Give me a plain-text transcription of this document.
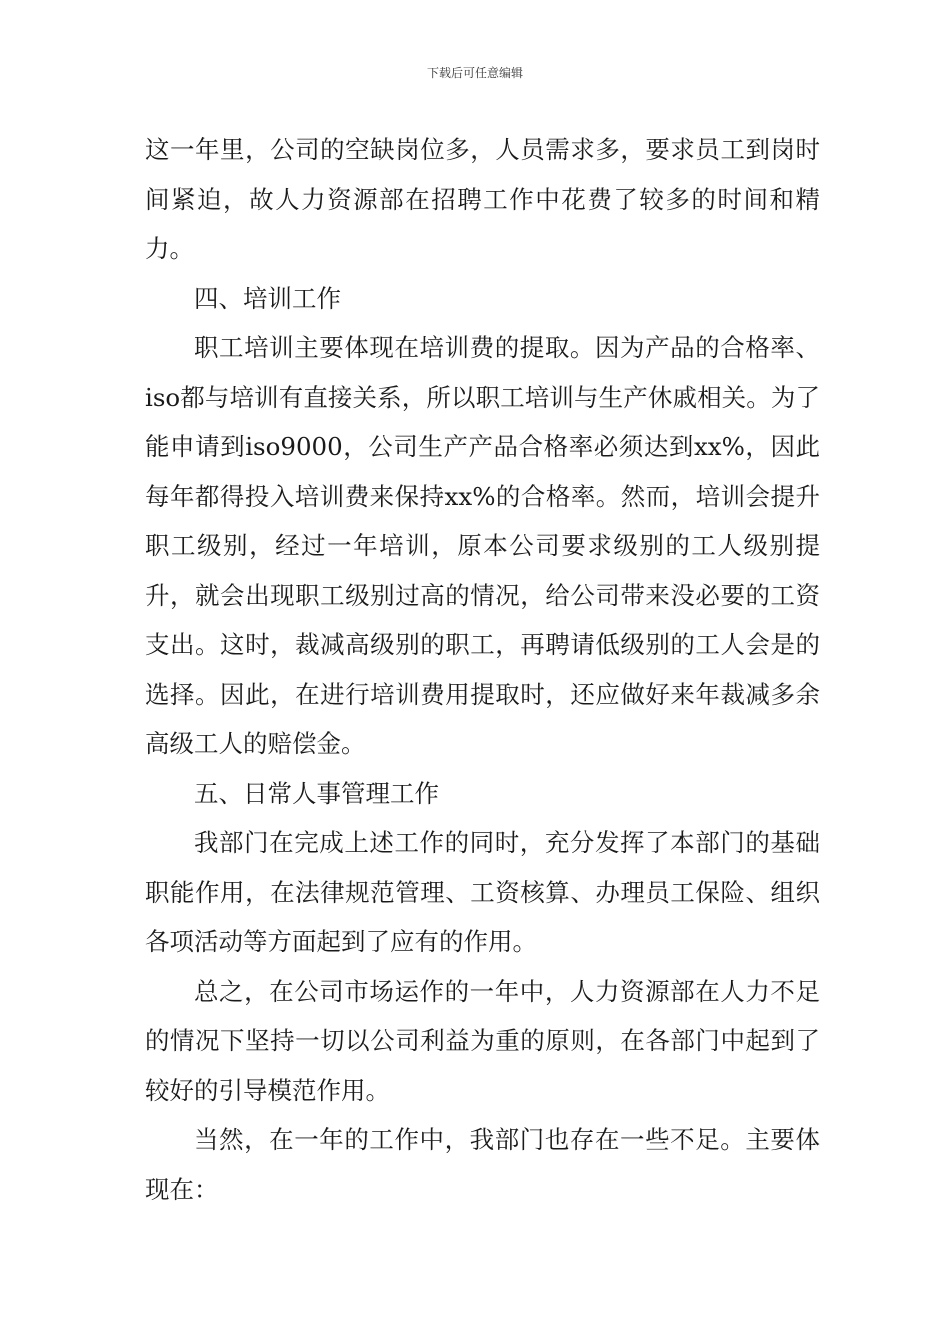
下载后可任意编辑

这一年里，公司的空缺岗位多，人员需求多，要求员工到岗时间紧迫，故人力资源部在招聘工作中花费了较多的时间和精力。

四、培训工作

职工培训主要体现在培训费的提取。因为产品的合格率、iso都与培训有直接关系，所以职工培训与生产休戚相关。为了能申请到iso9000，公司生产产品合格率必须达到xx%，因此每年都得投入培训费来保持xx%的合格率。然而，培训会提升职工级别，经过一年培训，原本公司要求级别的工人级别提升，就会出现职工级别过高的情况，给公司带来没必要的工资支出。这时，裁减高级别的职工，再聘请低级别的工人会是的选择。因此，在进行培训费用提取时，还应做好来年裁减多余高级工人的赔偿金。

五、日常人事管理工作

我部门在完成上述工作的同时，充分发挥了本部门的基础职能作用，在法律规范管理、工资核算、办理员工保险、组织各项活动等方面起到了应有的作用。

总之，在公司市场运作的一年中，人力资源部在人力不足的情况下坚持一切以公司利益为重的原则，在各部门中起到了较好的引导模范作用。

当然，在一年的工作中，我部门也存在一些不足。主要体现在：
